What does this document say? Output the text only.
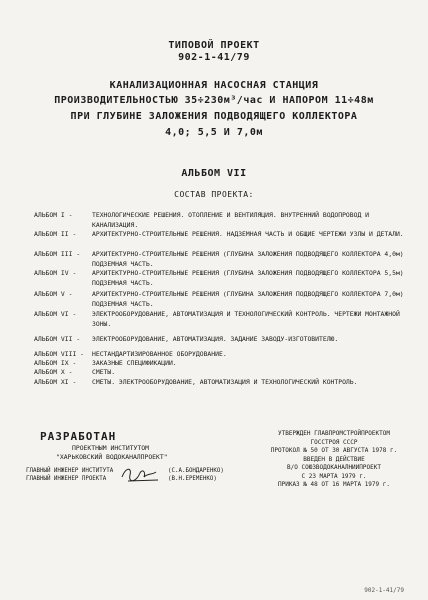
ТИПОВОЙ ПРОЕКТ
902-1-41/79
КАНАЛИЗАЦИОННАЯ НАСОСНАЯ СТАНЦИЯ
ПРОИЗВОДИТЕЛЬНОСТЬЮ 35÷230м³/час И НАПОРОМ 11÷48м
ПРИ ГЛУБИНЕ ЗАЛОЖЕНИЯ ПОДВОДЯЩЕГО КОЛЛЕКТОРА
4,0; 5,5 И 7,0м
АЛЬБОМ VII
СОСТАВ ПРОЕКТА:
АЛЬБОМ I -	ТЕХНОЛОГИЧЕСКИЕ РЕШЕНИЯ. ОТОПЛЕНИЕ И ВЕНТИЛЯЦИЯ. ВНУТРЕННИЙ ВОДОПРОВОД И КАНАЛИЗАЦИЯ.
АЛЬБОМ II -	АРХИТЕКТУРНО-СТРОИТЕЛЬНЫЕ РЕШЕНИЯ. НАДЗЕМНАЯ ЧАСТЬ И ОБЩИЕ ЧЕРТЕЖИ УЗЛЫ И ДЕТАЛИ.
АЛЬБОМ III -	АРХИТЕКТУРНО-СТРОИТЕЛЬНЫЕ РЕШЕНИЯ (ГЛУБИНА ЗАЛОЖЕНИЯ ПОДВОДЯЩЕГО КОЛЛЕКТОРА 4,0м) ПОДЗЕМНАЯ ЧАСТЬ.
АЛЬБОМ IV -	АРХИТЕКТУРНО-СТРОИТЕЛЬНЫЕ РЕШЕНИЯ (ГЛУБИНА ЗАЛОЖЕНИЯ ПОДВОДЯЩЕГО КОЛЛЕКТОРА 5,5м) ПОДЗЕМНАЯ ЧАСТЬ.
АЛЬБОМ V -	АРХИТЕКТУРНО-СТРОИТЕЛЬНЫЕ РЕШЕНИЯ (ГЛУБИНА ЗАЛОЖЕНИЯ ПОДВОДЯЩЕГО КОЛЛЕКТОРА 7,0м) ПОДЗЕМНАЯ ЧАСТЬ.
АЛЬБОМ VI -	ЭЛЕКТРООБОРУДОВАНИЕ, АВТОМАТИЗАЦИЯ И ТЕХНОЛОГИЧЕСКИЙ КОНТРОЛЬ. ЧЕРТЕЖИ МОНТАЖНОЙ ЗОНЫ.
АЛЬБОМ VII -	ЭЛЕКТРООБОРУДОВАНИЕ, АВТОМАТИЗАЦИЯ. ЗАДАНИЕ ЗАВОДУ-ИЗГОТОВИТЕЛЮ.
АЛЬБОМ VIII -	НЕСТАНДАРТИЗИРОВАННОЕ ОБОРУДОВАНИЕ.
АЛЬБОМ IX -	ЗАКАЗНЫЕ СПЕЦИФИКАЦИИ.
АЛЬБОМ X -	СМЕТЫ.
АЛЬБОМ XI -	СМЕТЫ. ЭЛЕКТРООБОРУДОВАНИЕ, АВТОМАТИЗАЦИЯ И ТЕХНОЛОГИЧЕСКИЙ КОНТРОЛЬ.
РАЗРАБОТАН
ПРОЕКТНЫМ ИНСТИТУТОМ
"ХАРЬКОВСКИЙ ВОДОКАНАЛПРОЕКТ"
ГЛАВНЫЙ ИНЖЕНЕР ИНСТИТУТА
ГЛАВНЫЙ ИНЖЕНЕР ПРОЕКТА
(С.А.БОНДАРЕНКО)
(В.Н.ЕРЕМЕНКО)
УТВЕРЖДЕН ГЛАВПРОМСТРОЙПРОЕКТОМ
ГОССТРОЯ СССР
ПРОТОКОЛ № 50 ОТ 30 АВГУСТА 1978 г.
ВВЕДЕН В ДЕЙСТВИЕ
В/О СОЮЗВОДОКАНАЛНИИПРОЕКТ
С 23 МАРТА 1979 г.
ПРИКАЗ № 48 ОТ 16 МАРТА 1979 г.
902-1-41/79
